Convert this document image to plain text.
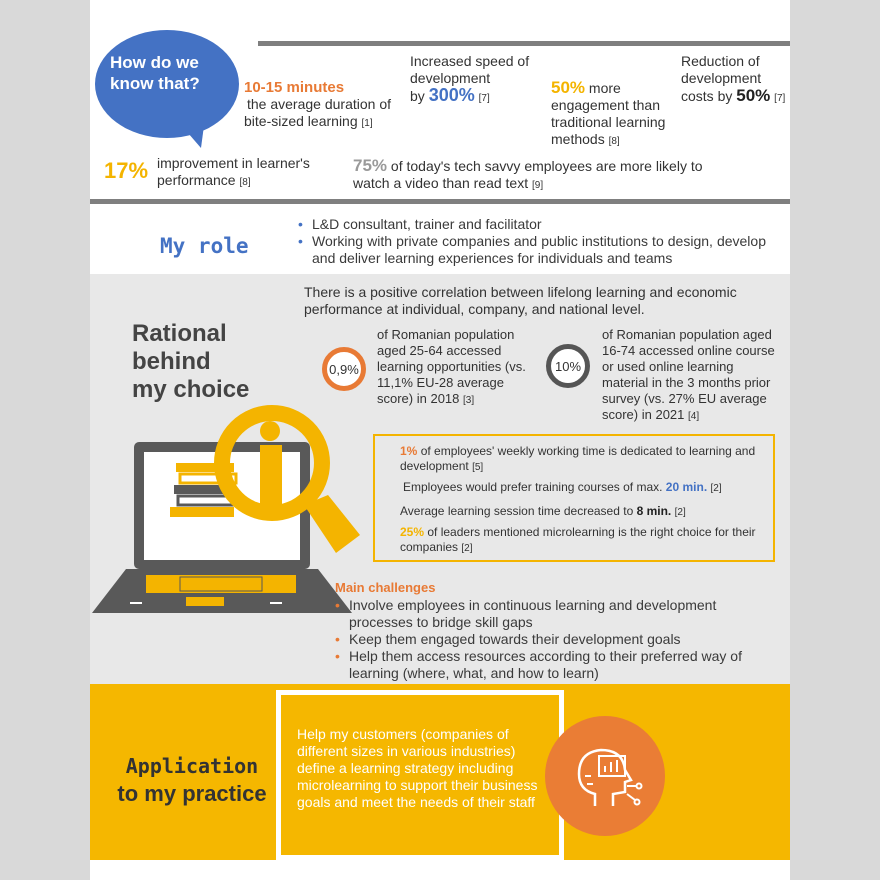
How do we know that?	10-15 minutes
the average duration of bite-sized learning [1]
Increased speed of development
by 300% [7]
50% more
engagement than traditional learning methods [8]
Reduction of development costs by 50% [7]
17% improvement in learner's performance [8]
75% of today's tech savvy employees are more likely to watch a video than read text [9]
My role
• L&D consultant, trainer and facilitator
• Working with private companies and public institutions to design, develop and deliver learning experiences for individuals and teams
Rational
behind
my choice
There is a positive correlation between lifelong learning and economic performance at individual, company, and national level.
0,9%
of Romanian population aged 25-64 accessed learning opportunities (vs. 11,1% EU-28 average score) in 2018 [3]
10%
of Romanian population aged 16-74 accessed online course or used online learning material in the 3 months prior survey (vs. 27% EU average score) in 2021 [4]
1% of employees' weekly working time is dedicated to learning and development [5]
Employees would prefer training courses of max. 20 min. [2]
Average learning session time decreased to 8 min. [2]
25% of leaders mentioned microlearning is the right choice for their companies [2]
Main challenges
• Involve employees in continuous learning and development processes to bridge skill gaps
• Keep them engaged towards their development goals
• Help them access resources according to their preferred way of learning (where, what, and how to learn)
Application
to my practice
Help my customers (companies of different sizes in various industries) define a learning strategy including microlearning to support their business goals and meet the needs of their staff
